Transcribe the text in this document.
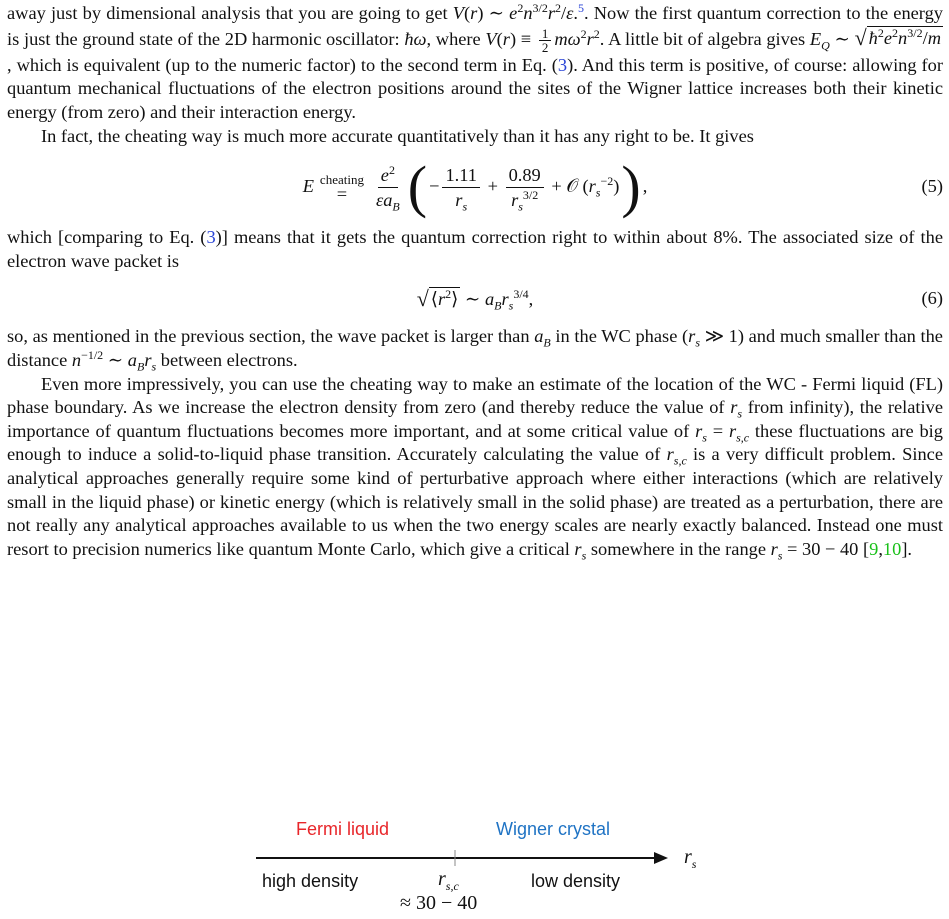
away just by dimensional analysis that you are going to get V(r) ∼ $e^2n^{3/2}r^2/\varepsilon.^5$. Now the first quantum correction to the energy is just the ground state of the 2D harmonic oscillator: ħω, where $V(r) \equiv \frac{1}{2} m\omega^2r^2$. A little bit of algebra gives $E_Q$ ∼ √ $ħ^2e^2n^{3/2}/m$
, which is equivalent (up to the numeric factor) to the second term in Eq. (3). And this term is positive, of course: allowing for quantum mechanical fluctuations of the electron positions around the sites of the Wigner lattice increases both their kinetic energy (from zero) and their interaction energy.

In fact, the cheating way is much more accurate quantitatively than it has any right to be. It gives

E cheating
= $\frac{e^2}{\varepsilon a_B}$ ( − $\frac{1.11}{r_s} + \frac{0.89}{r_s^{3/2}}$ + 𝒪 $(r_s^{-2})$ ) ,	(5)

which [comparing to Eq. (3)] means that it gets the quantum correction right to within about 8%. The associated size of the electron wave packet is

√ $⟨r^2⟩$ ∼ $a_Br_s^{3/4}$,	(6)

so, as mentioned in the previous section, the wave packet is larger than $a_B$ in the WC phase ($r_s$ ≫ 1) and much smaller than the distance $n^{-1/2}$ ∼ $a_Br_s$ between electrons.

Even more impressively, you can use the cheating way to make an estimate of the location of the WC - Fermi liquid (FL) phase boundary. As we increase the electron density from zero (and thereby reduce the value of $r_s$ from infinity), the relative importance of quantum fluctuations becomes more important, and at some critical value of $r_s = r_{s,c}$ these fluctuations are big enough to induce a solid-to-liquid phase transition. Accurately calculating the value of $r_{s,c}$ is a very difficult problem. Since analytical approaches generally require some kind of perturbative approach where either interactions (which are relatively small in the liquid phase) or kinetic energy (which is relatively small in the solid phase) are treated as a perturbation, there are not really any analytical approaches available to us when the two energy scales are nearly exactly balanced. Instead one must resort to precision numerics like quantum Monte Carlo, which give a critical $r_s$ somewhere in the range $r_s = 30 - 40$ [9,10].

Fermi liquid	Wigner crystal
$r_s$
high density	low density
$r_{s,c}$
≈ 30 − 40
